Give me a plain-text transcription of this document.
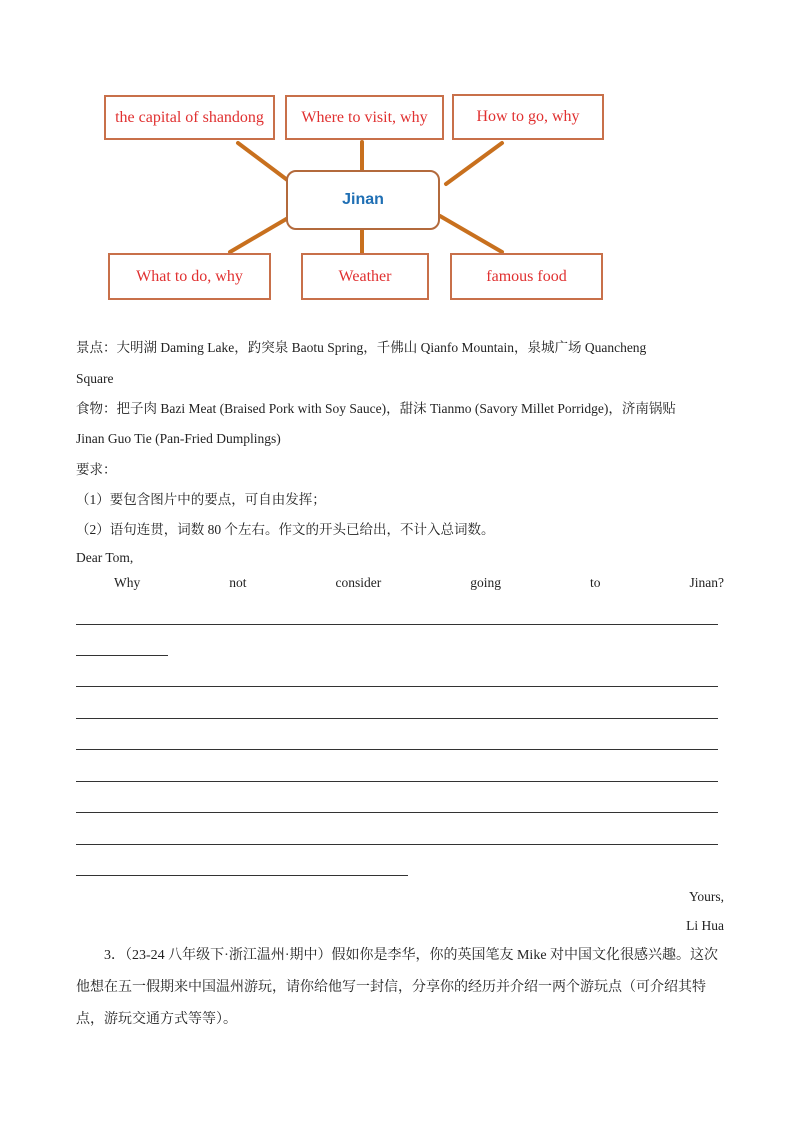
the capital of shandong Where to visit, why	How to go, why
Jinan
What to do, why	Weather	famous food
景点：大明湖 Daming Lake，趵突泉 Baotu Spring，千佛山 Qianfo Mountain，泉城广场 Quancheng
Square
食物：把子肉 Bazi Meat (Braised Pork with Soy Sauce)，甜沫 Tianmo (Savory Millet Porridge)，济南锅贴
Jinan Guo Tie (Pan-Fried Dumplings)
要求：
（1）要包含图片中的要点，可自由发挥；
（2）语句连贯，词数 80 个左右。作文的开头已给出，不计入总词数。
Dear Tom,
Why	not	consider	going	to	Jinan?
Yours,
Li Hua
3．（23-24 八年级下·浙江温州·期中）假如你是李华，你的英国笔友 Mike 对中国文化很感兴趣。这次他想在五一假期来中国温州游玩，请你给他写一封信，分享你的经历并介绍一两个游玩点（可介绍其特点，游玩交通方式等等）。
